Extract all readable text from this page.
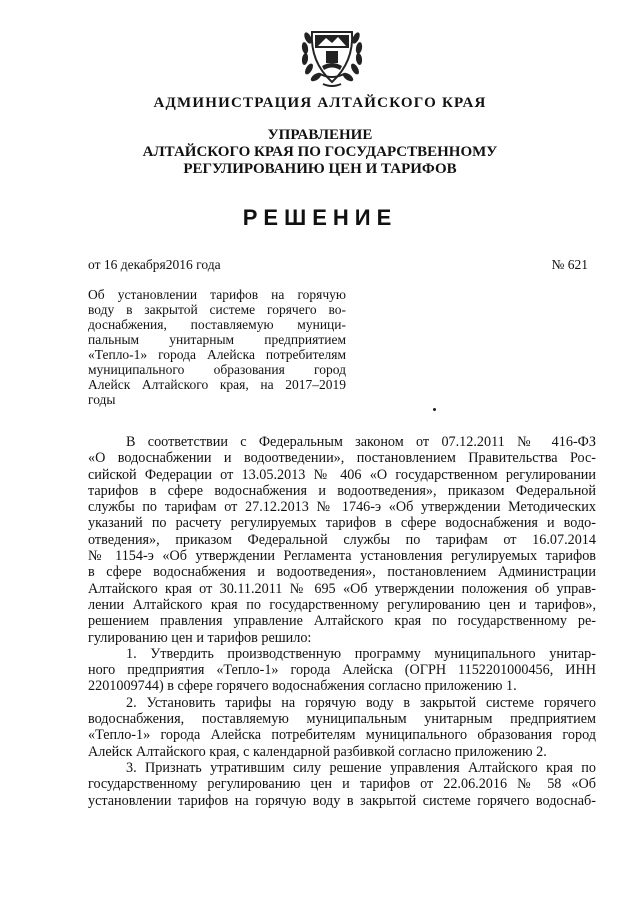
АДМИНИСТРАЦИЯ АЛТАЙСКОГО КРАЯ
УПРАВЛЕНИЕ
АЛТАЙСКОГО КРАЯ ПО ГОСУДАРСТВЕННОМУ
РЕГУЛИРОВАНИЮ ЦЕН И ТАРИФОВ
РЕШЕНИЕ
от 16 декабря2016 года	№ 621
Об установлении тарифов на горячую
воду в закрытой системе горячего во-
доснабжения, поставляемую муници-
пальным унитарным предприятием
«Тепло-1» города Алейска потребителям
муниципального образования город
Алейск Алтайского края, на 2017–2019
годы
В соответствии с Федеральным законом от 07.12.2011 № 416-ФЗ
«О водоснабжении и водоотведении», постановлением Правительства Рос-
сийской Федерации от 13.05.2013 № 406 «О государственном регулировании
тарифов в сфере водоснабжения и водоотведения», приказом Федеральной
службы по тарифам от 27.12.2013 № 1746-э «Об утверждении Методических
указаний по расчету регулируемых тарифов в сфере водоснабжения и водо-
отведения», приказом Федеральной службы по тарифам от 16.07.2014
№ 1154-э «Об утверждении Регламента установления регулируемых тарифов
в сфере водоснабжения и водоотведения», постановлением Администрации
Алтайского края от 30.11.2011 № 695 «Об утверждении положения об управ-
лении Алтайского края по государственному регулированию цен и тарифов»,
решением правления управление Алтайского края по государственному ре-
гулированию цен и тарифов решило:
1. Утвердить производственную программу муниципального унитар-
ного предприятия «Тепло-1» города Алейска (ОГРН 1152201000456, ИНН
2201009744) в сфере горячего водоснабжения согласно приложению 1.
2. Установить тарифы на горячую воду в закрытой системе горячего
водоснабжения, поставляемую муниципальным унитарным предприятием
«Тепло-1» города Алейска потребителям муниципального образования город
Алейск Алтайского края, с календарной разбивкой согласно приложению 2.
3. Признать утратившим силу решение управления Алтайского края по
государственному регулированию цен и тарифов от 22.06.2016 № 58 «Об
установлении тарифов на горячую воду в закрытой системе горячего водоснаб-
